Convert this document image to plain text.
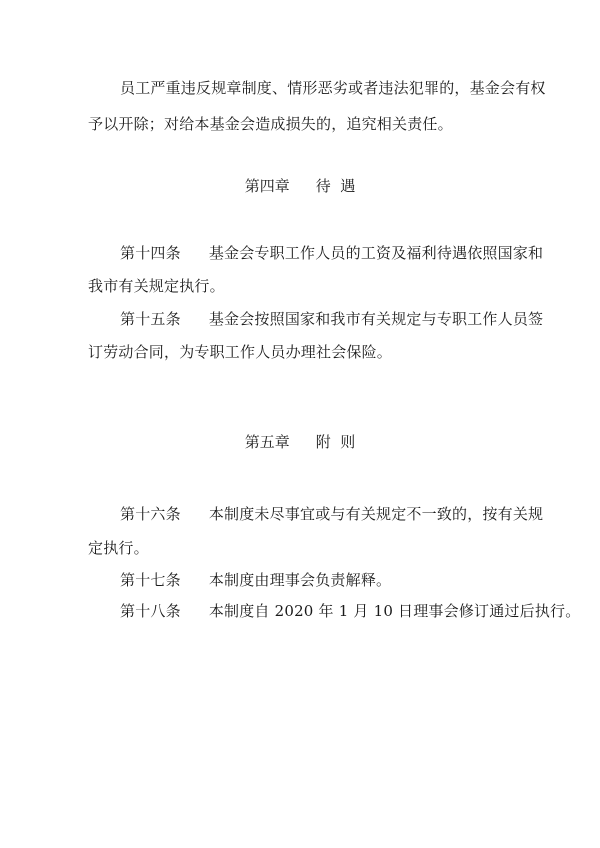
员工严重违反规章制度、情形恶劣或者违法犯罪的，基金会有权
予以开除；对给本基金会造成损失的，追究相关责任。
第四章 待  遇
第十四条 基金会专职工作人员的工资及福利待遇依照国家和
我市有关规定执行。
第十五条 基金会按照国家和我市有关规定与专职工作人员签
订劳动合同，为专职工作人员办理社会保险。
第五章 附  则
第十六条 本制度未尽事宜或与有关规定不一致的，按有关规
定执行。
第十七条 本制度由理事会负责解释。
第十八条 本制度自 2020 年 1 月 10 日理事会修订通过后执行。
